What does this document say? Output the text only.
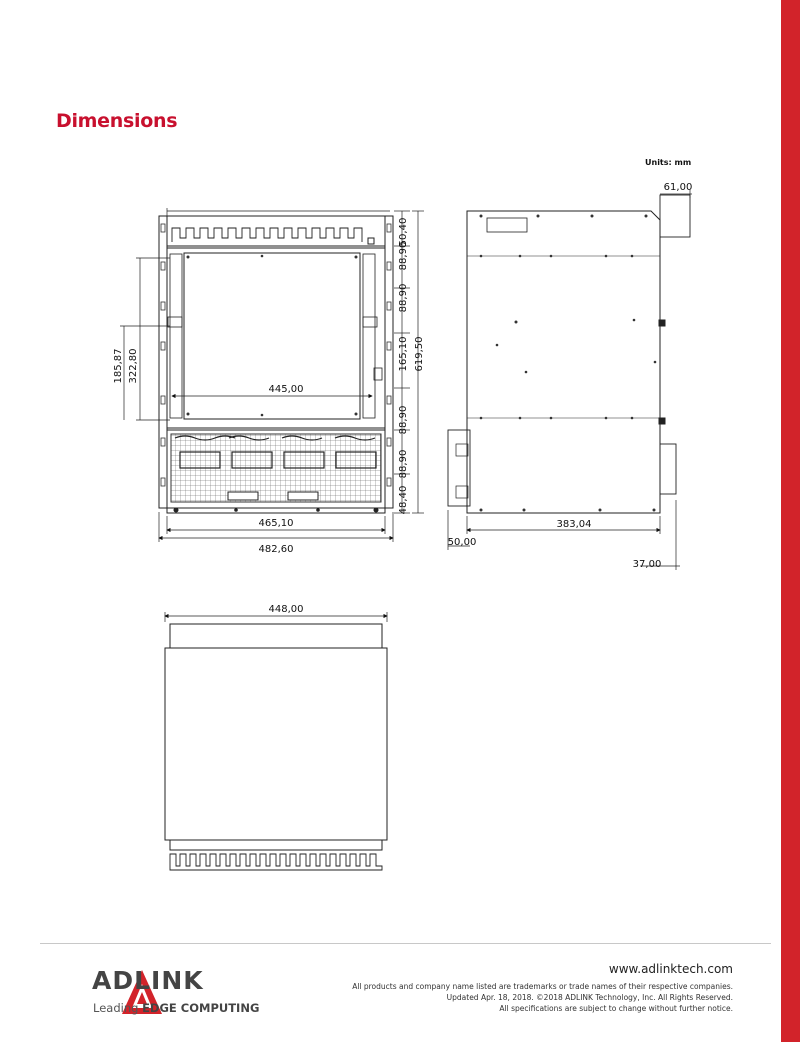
Dimensions
Units: mm
50,40
88,90
88,90
165,10 619,50
88,90
88,90
48,40
185,87 322,80
445,00
465,10
482,60
61,00
383,04
50,00
37,00
448,00
ADLINK
Leading EDGE COMPUTING
www.adlinktech.com
All products and company name listed are trademarks or trade names of their respective companies.
Updated Apr. 18, 2018. ©2018 ADLINK Technology, Inc. All Rights Reserved.
All specifications are subject to change without further notice.
